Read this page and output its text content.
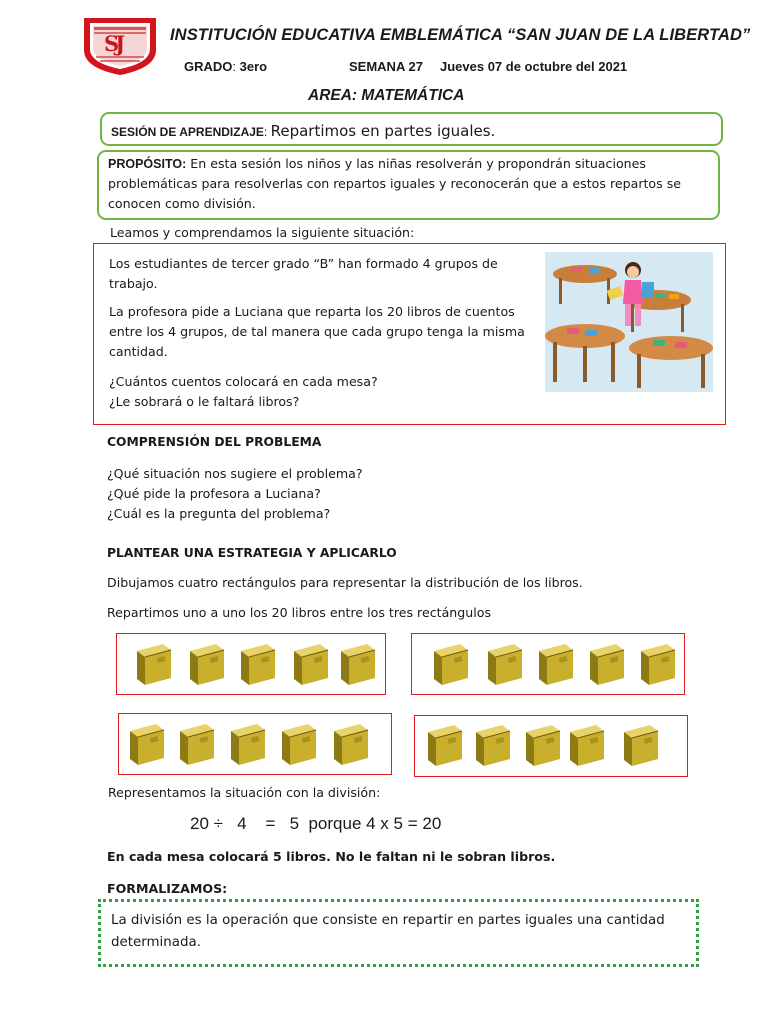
SJ	INSTITUCIÓN EDUCATIVA EMBLEMÁTICA “SAN JUAN DE LA LIBERTAD”
GRADO: 3ero	SEMANA 27 Jueves 07 de octubre del 2021
AREA: MATEMÁTICA
SESIÓN DE APRENDIZAJE: Repartimos en partes iguales.
PROPÓSITO: En esta sesión los niños y las niñas resolverán y propondrán situaciones problemáticas para resolverlas con repartos iguales y reconocerán que a estos repartos se conocen como división.
Leamos y comprendamos la siguiente situación:
Los estudiantes de tercer grado “B” han formado 4 grupos de trabajo.
La profesora pide a Luciana que reparta los 20 libros de cuentos entre los 4 grupos, de tal manera que cada grupo tenga la misma cantidad.
¿Cuántos cuentos colocará en cada mesa?
¿Le sobrará o le faltará libros?
COMPRENSIÓN DEL PROBLEMA
¿Qué situación nos sugiere el problema?
¿Qué pide la profesora a Luciana?
¿Cuál es la pregunta del problema?
PLANTEAR UNA ESTRATEGIA Y APLICARLO
Dibujamos cuatro rectángulos para representar la distribución de los libros.
Repartimos uno a uno los 20 libros entre los tres rectángulos
Representamos la situación con la división:
20 ÷   4    =   5  porque 4 x 5 = 20
En cada mesa colocará 5 libros. No le faltan ni le sobran libros.
FORMALIZAMOS:
La división es la operación que consiste en repartir en partes iguales una cantidad determinada.
